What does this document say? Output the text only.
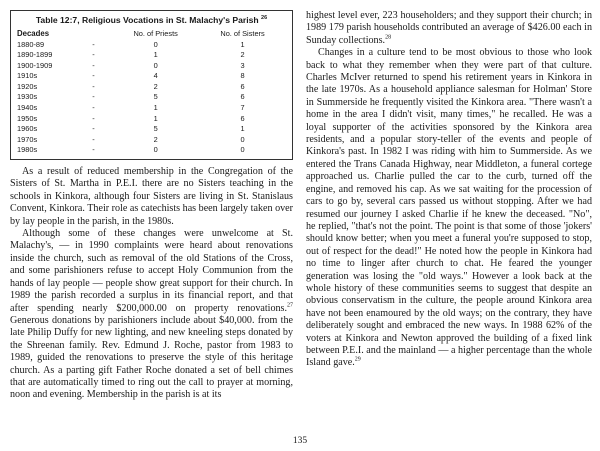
Table 12:7, Religious Vocations in St. Malachy's Parish $^{26}$
Decades		No. of Priests	No. of Sisters
1880-89	-	0	1
1890-1899	-	1	2
1900-1909	-	0	3
1910s	-	4	8
1920s	-	2	6
1930s	-	5	6
1940s	-	1	7
1950s	-	1	6
1960s	-	5	1
1970s	-	2	0
1980s	-	0	0

As a result of reduced membership in the Congregation of the Sisters of St. Martha in P.E.I. there are no Sisters teaching in the schools in Kinkora, although four Sisters are living in St. Stanislaus Convent, Kinkora. Their role as catechists has been largely taken over by lay people in the parish, in the 1980s.

Although some of these changes were unwelcome at St. Malachy's, — in 1990 complaints were heard about renovations inside the church, such as removal of the old Stations of the Cross, and some parishioners refuse to accept Holy Communion from the hands of lay people — people show great support for their church. In 1989 the parish recorded a surplus in its financial report, and that after spending nearly $200,000.00 on property renovations.$^{27}$ Generous donations by parishioners include about $40,000. from the late Philip Duffy for new lighting, and new kneeling steps donated by the Shreenan family. Rev. Edmund J. Roche, pastor from 1983 to 1989, guided the renovations to preserve the style of this heritage church. As a parting gift Father Roche donated a set of bell chimes that are automatically timed to ring out the call to prayer at morning, noon and evening. Membership in the parish is at its

highest level ever, 223 householders; and they support their church; in 1989 179 parish households contributed an average of $426.00 each in Sunday collections.$^{28}$

Changes in a culture tend to be most obvious to those who look back to what they remember when they were part of that culture. Charles McIver returned to spend his retirement years in Kinkora in the late 1970s. As a household appliance salesman for Holman' Store in Summerside he frequently visited the Kinkora area. "There wasn't a home in the area I didn't visit, many times," he recalled. He was a loyal supporter of the activities sponsored by the Kinkora area residents, and a popular story-teller of the events and people of Kinkora's past. In 1982 I was riding with him to Summerside. As we entered the Trans Canada Highway, near Middleton, a funeral cortege approached us. Charlie pulled the car to the curb, turned off the engine, and removed his cap. As we sat waiting for the procession of cars to go by, several cars passed us without stopping. After we had resumed our journey I asked Charlie if he knew the deceased. "No", he replied, "that's not the point. The point is that some of those 'jokers' should know better; when you meet a funeral you're supposed to stop, out of respect for the dead!" He noted how the people in Kinkora had no time to linger after church to chat. He feared the younger generation was losing the "old ways." However a look back at the whole history of these communities seems to suggest that despite an obvious conservatism in the culture, the people around Kinkora area have not been enamoured by the old ways; on the contrary, they have deliberately sought and embraced the new ways. In 1988 62% of the voters at Kinkora and Newton approved the building of a fixed link between P.E.I. and the mainland — a higher percentage than the whole Island gave.$^{29}$

135
